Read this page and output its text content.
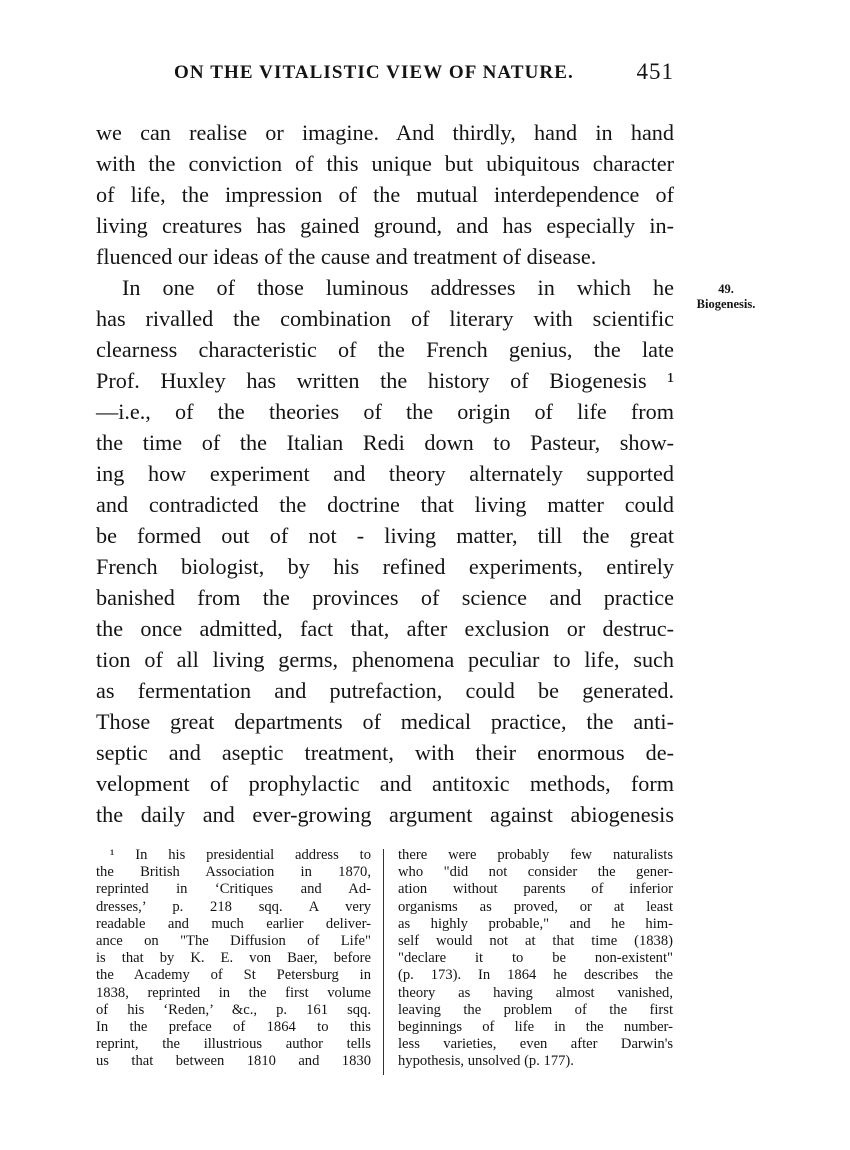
ON THE VITALISTIC VIEW OF NATURE.	451
we can realise or imagine. And thirdly, hand in hand
with the conviction of this unique but ubiquitous character
of life, the impression of the mutual interdependence of
living creatures has gained ground, and has especially in-
fluenced our ideas of the cause and treatment of disease.
In one of those luminous addresses in which he
has rivalled the combination of literary with scientific
clearness characteristic of the French genius, the late
Prof. Huxley has written the history of Biogenesis ¹
—i.e., of the theories of the origin of life from
the time of the Italian Redi down to Pasteur, show-
ing how experiment and theory alternately supported
and contradicted the doctrine that living matter could
be formed out of not - living matter, till the great
French biologist, by his refined experiments, entirely
banished from the provinces of science and practice
the once admitted, fact that, after exclusion or destruc-
tion of all living germs, phenomena peculiar to life, such
as fermentation and putrefaction, could be generated.
Those great departments of medical practice, the anti-
septic and aseptic treatment, with their enormous de-
velopment of prophylactic and antitoxic methods, form
the daily and ever-growing argument against abiogenesis
49.
Biogenesis.
¹ In his presidential address to
the British Association in 1870,
reprinted in ‘Critiques and Ad-
dresses,’ p. 218 sqq. A very
readable and much earlier deliver-
ance on "The Diffusion of Life"
is that by K. E. von Baer, before
the Academy of St Petersburg in
1838, reprinted in the first volume
of his ‘Reden,’ &c., p. 161 sqq.
In the preface of 1864 to this
reprint, the illustrious author tells
us that between 1810 and 1830
there were probably few naturalists
who "did not consider the gener-
ation without parents of inferior
organisms as proved, or at least
as highly probable," and he him-
self would not at that time (1838)
"declare it to be non-existent"
(p. 173). In 1864 he describes the
theory as having almost vanished,
leaving the problem of the first
beginnings of life in the number-
less varieties, even after Darwin's
hypothesis, unsolved (p. 177).
